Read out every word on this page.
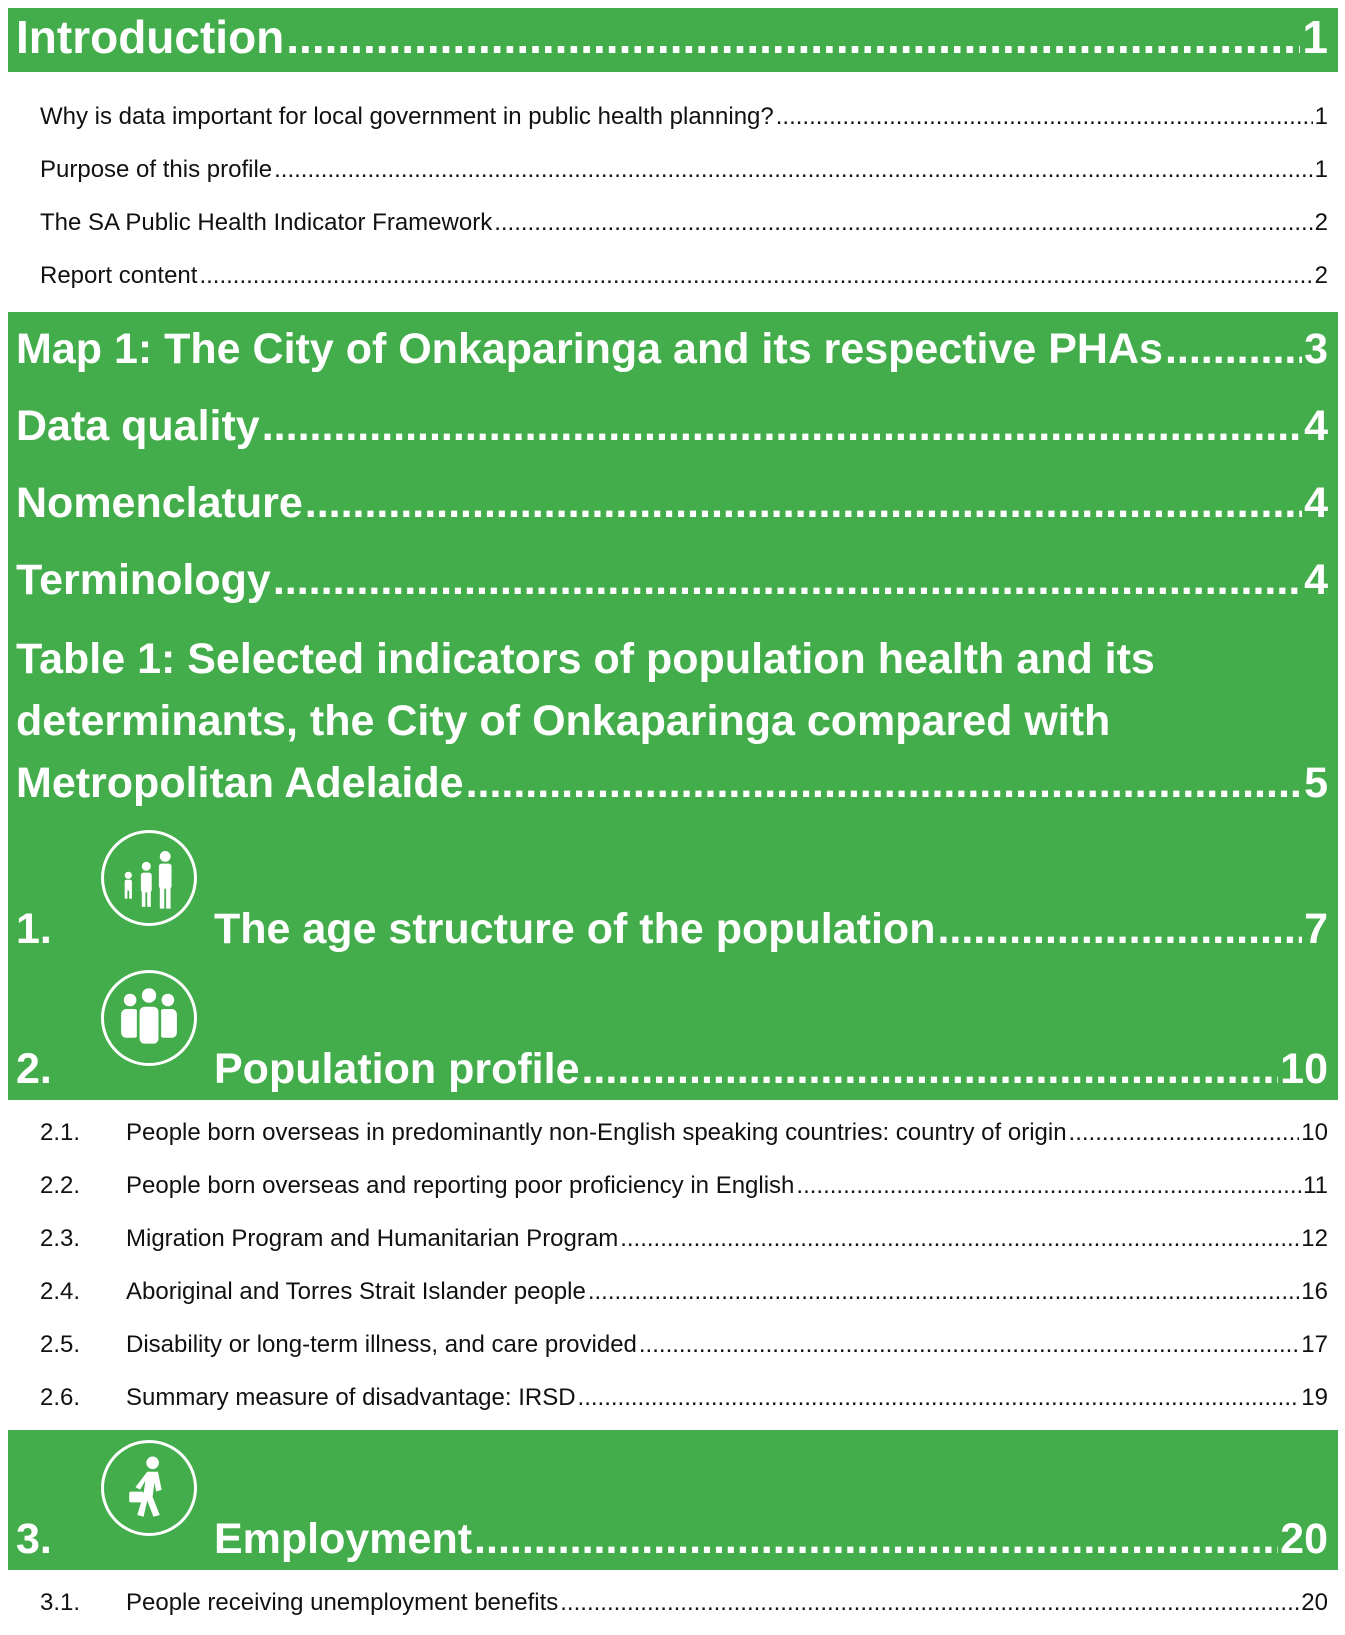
Introduction .....	1
Why is data important for local government in public health planning? .....	1
Purpose of this profile .....	1
The SA Public Health Indicator Framework .....	2
Report content .....	2
Map 1: The City of Onkaparinga and its respective PHAs .....	3
Data quality .....	4
Nomenclature .....	4
Terminology .....	4
Table 1: Selected indicators of population health and its
determinants, the City of Onkaparinga compared with
Metropolitan Adelaide .....	5
1.	The age structure of the population .....	7
2.	Population profile .....	10
2.1.	People born overseas in predominantly non-English speaking countries: country of origin .....	10
2.2.	People born overseas and reporting poor proficiency in English .....	11
2.3.	Migration Program and Humanitarian Program .....	12
2.4.	Aboriginal and Torres Strait Islander people .....	16
2.5.	Disability or long-term illness, and care provided .....	17
2.6.	Summary measure of disadvantage: IRSD .....	19
3.	Employment .....	20
3.1.	People receiving unemployment benefits .....	20
